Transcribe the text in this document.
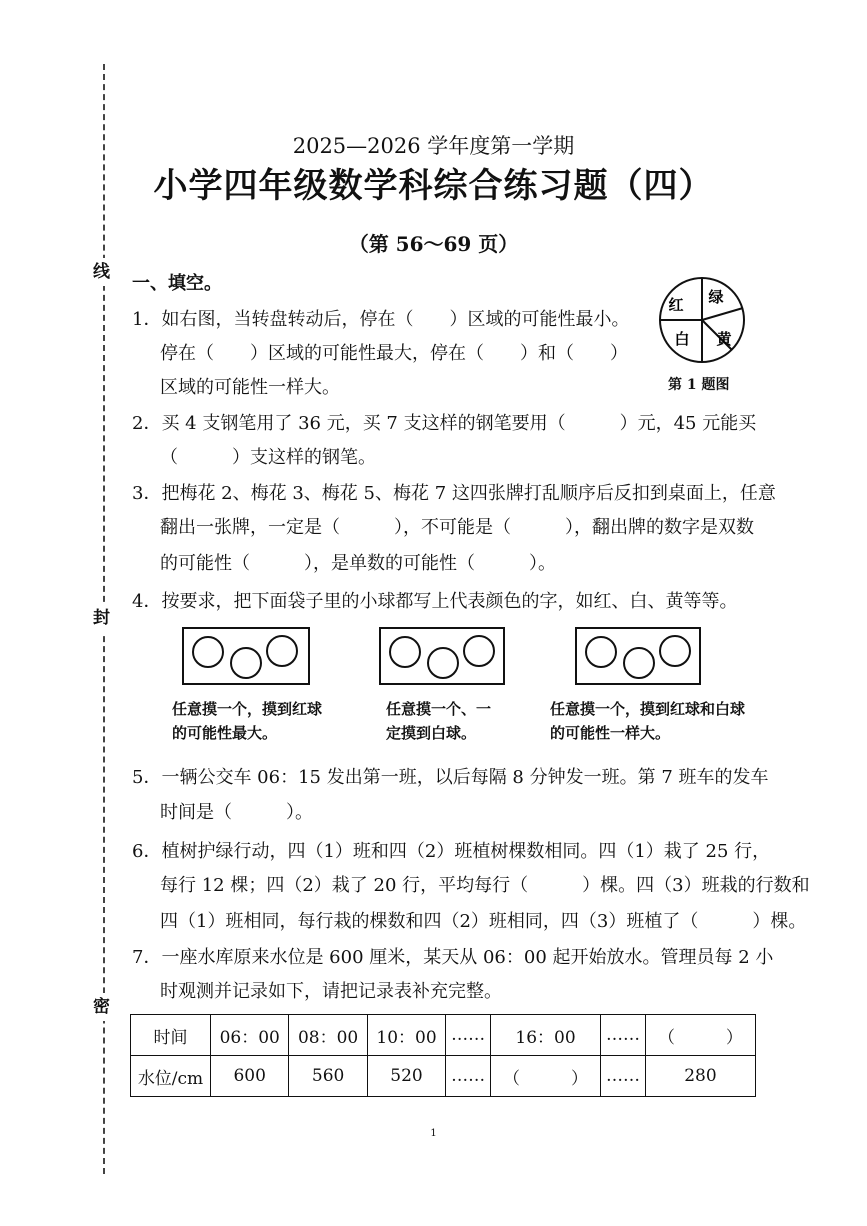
线
封
密
2025—2026 学年度第一学期
小学四年级数学科综合练习题（四）
（第 56～69 页）
一、填空。
1．如右图，当转盘转动后，停在（　　）区域的可能性最小。
停在（　　）区域的可能性最大，停在（　　）和（　　）
区域的可能性一样大。
红 绿
白 黄
第 1 题图
2．买 4 支钢笔用了 36 元，买 7 支这样的钢笔要用（　　　）元，45 元能买
（　　　）支这样的钢笔。
3．把梅花 2、梅花 3、梅花 5、梅花 7 这四张牌打乱顺序后反扣到桌面上，任意
翻出一张牌，一定是（　　　），不可能是（　　　），翻出牌的数字是双数
的可能性（　　　），是单数的可能性（　　　）。
4．按要求，把下面袋子里的小球都写上代表颜色的字，如红、白、黄等等。
任意摸一个，摸到红球
的可能性最大。
任意摸一个、一
定摸到白球。
任意摸一个，摸到红球和白球
的可能性一样大。
5．一辆公交车 06：15 发出第一班，以后每隔 8 分钟发一班。第 7 班车的发车
时间是（　　　）。
6．植树护绿行动，四（1）班和四（2）班植树棵数相同。四（1）栽了 25 行，
每行 12 棵；四（2）栽了 20 行，平均每行（　　　）棵。四（3）班栽的行数和
四（1）班相同，每行栽的棵数和四（2）班相同，四（3）班植了（　　　）棵。
7．一座水库原来水位是 600 厘米，某天从 06：00 起开始放水。管理员每 2 小
时观测并记录如下，请把记录表补充完整。
时间	06：00	08：00	10：00	……	16：00	……	（　　　）
水位/cm	600	560	520	……	（　　　）	……	280
1
